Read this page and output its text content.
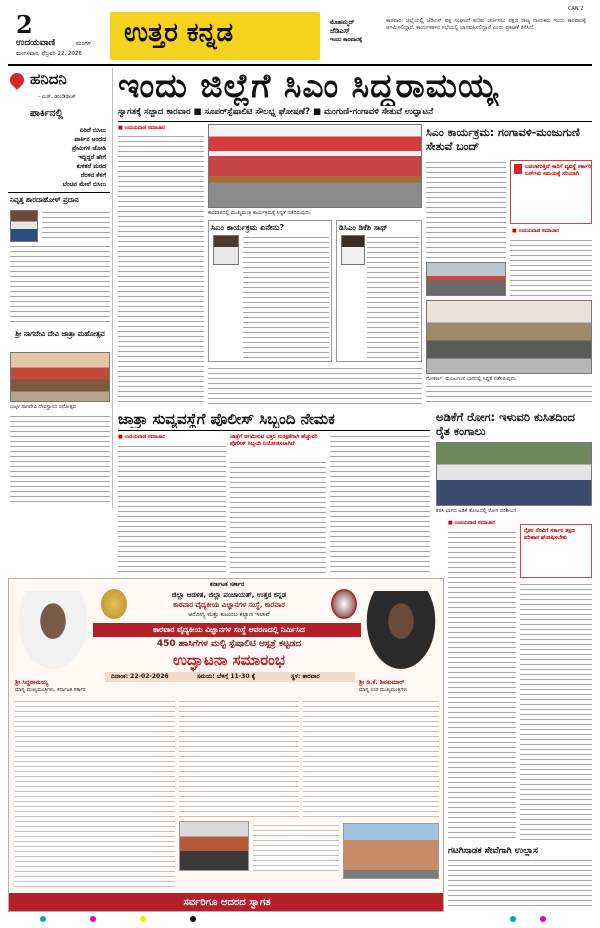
2
ಉದಯವಾಣಿ	ಮಂಗಳ
ಮಂಗಳವಾರ, ಫೆಬ್ರವರಿ 22, 2026
ಉತ್ತರ ಕನ್ನಡ	ಮೊಹಮ್ಮದ್
ಜೆಡಿಎಸ್
ಇಂದು ಕಾರವಾರಕ್ಕೆ
ಕಾರವಾರ: ಜಿಲ್ಲೆಯಲ್ಲಿ ಜೆಡಿಎಸ್ ಪಕ್ಷ ಸಂಘಟನೆ ಕುರಿತು ಚರ್ಚಿಸಲು ಪಕ್ಷದ ರಾಜ್ಯ ನಾಯಕರು ಇಂದು ಕಾರವಾರಕ್ಕೆ ಆಗಮಿಸಲಿದ್ದಾರೆ. ಕಾರ್ಯಕರ್ತರ ಸಭೆಯಲ್ಲಿ ಭಾಗವಹಿಸಲಿದ್ದಾರೆ ಎಂದು ಪ್ರಕಟಣೆ ತಿಳಿಸಿದೆ.
CAN 2
ಹನಿದನಿ
- ಎಚ್. ಡುಂಡಿರಾಜ್
ಪಾರ್ಕಿನಲ್ಲಿ
ಏರಿದೆ ಬಿಸಿಲು
ಪಾರ್ಕಿನ ಅಂದದ
ಪ್ರೇಮಿಗಳ ಜೋಡಿ
ಇದ್ದಿದ್ದರೆ ಹೇಗೆ
ಕುಳಿತರೆ ಮರದ
ನೆರಳಿನ ಕೆಳಗೆ
ಬೆಂಚಿನ ಮೇಲೆ ಬಿಸಿಲು
ನಿವೃತ್ತ ಶಾರದಾಹೋಳ್ ಪ್ರದಾನ
ಶ್ರೀ ನಾಗದೇವಿ ದೇವಿ ಜಾತ್ರಾ ಮಹೋತ್ಸವ
ಭಟ್ಕಳ ನಾಗದೇವಿ ದೇವಸ್ಥಾನದ ರಥೋತ್ಸವ
ಇಂದು ಜಿಲ್ಲೆಗೆ ಸಿಎಂ ಸಿದ್ದರಾಮಯ್ಯ
ಸ್ವಾಗತಕ್ಕೆ ಸಜ್ಜಾದ ಕಾರವಾರ ■ ಸೂಪರ್‌ಸ್ಪೆಷಾಲಿಟಿ ಸೌಲಭ್ಯ ಘೋಷಣೆ? ■ ಮಂಗುಣಿ-ಗಂಗಾವಳಿ ಸೇತುವೆ ಉದ್ಘಾಟನೆ
■ ಉದಯವಾಣಿ ಸಮಾಚಾರ
ಕಾರವಾರದಲ್ಲಿ ಮುಖ್ಯಮಂತ್ರಿ ಕಾರ್ಯಕ್ರಮಕ್ಕೆ ಸಿದ್ಧತೆ ನಡೆದಿರುವುದು.
ಸಿಎಂ ಕಾರ್ಯಕ್ರಮ ಏನೇನು?	ಡಿಸಿಎಂ ಡಿಕೆಶಿ ಸಾಥ್
ಸಿಎಂ ಕಾರ್ಯಕ್ರಮ: ಗಂಗಾವಳಿ-ಮಂಜುಗುಣಿ ಸೇತುವೆ ಬಂದ್
ಬದಲಾಗುತ್ತಿದೆ ಸಾರಿಗೆ ವ್ಯವಸ್ಥೆ ಸರ್ಕಾರಿ ಬಸ್‌ಗಳು ಸಮಯಕ್ಕೆ ಸರಿಯಾಗಿ
■ ಉದಯವಾಣಿ ಸಮಾಚಾರ
ಗೋಕರ್ಣ: ಮಂಜುಗುಣಿ ಭಾಗದಲ್ಲಿ ಸಿದ್ಧತೆ ನಡೆಸಿರುವುದು.
ಜಾತ್ರಾ ಸುವ್ಯವಸ್ಥೆಗೆ ಪೊಲೀಸ್ ಸಿಬ್ಬಂದಿ ನೇಮಕ
■ ಉದಯವಾಣಿ ಸಮಾಚಾರ	ಜಾತ್ರೆಗೆ ಆಗಮಿಸುವ ಭಕ್ತರ ಸುರಕ್ಷತೆಗಾಗಿ ಹೆಚ್ಚುವರಿ ಪೊಲೀಸ್ ಸಿಬ್ಬಂದಿ ನಿಯೋಜಿಸಲಾಗಿದೆ
ಅಡಿಕೆಗೆ ರೋಗ: ಇಳುವರಿ ಕುಸಿತದಿಂದ ರೈತ ಕಂಗಾಲು
ಶಿರಸಿ ಭಾಗದ ಅಡಿಕೆ ತೋಟದಲ್ಲಿ ರೋಗ ಪರಿಶೀಲನೆ.
■ ಉದಯವಾಣಿ ಸಮಾಚಾರ
ರೈತರ ನೆರವಿಗೆ ಸರ್ಕಾರ ತಕ್ಷಣ ಪರಿಹಾರ ಘೋಷಿಸಬೇಕು
ಗಟಗಿನಾಡಕ ಸೇವೆಗಾಗಿ ಉಲ್ಲಾಸ
ಕರ್ನಾಟಕ ಸರ್ಕಾರ
ಜಿಲ್ಲಾ ಆಡಳಿತ, ಜಿಲ್ಲಾ ಪಂಚಾಯತ್, ಉತ್ತರ ಕನ್ನಡ
ಕಾರವಾರ ವೈದ್ಯಕೀಯ ವಿಜ್ಞಾನಗಳ ಸಂಸ್ಥೆ, ಕಾರವಾರ
ಆರೋಗ್ಯ ಮತ್ತು ಕುಟುಂಬ ಕಲ್ಯಾಣ ಇಲಾಖೆ
ಕಾರವಾರ ವೈದ್ಯಕೀಯ ವಿಜ್ಞಾನಗಳ ಸಂಸ್ಥೆ ಆವರಣದಲ್ಲಿ ನಿರ್ಮಿಸಿದ
450 ಹಾಸಿಗೆಗಳ ಮಲ್ಟಿ ಸ್ಪೆಷಾಲಿಟಿ ಆಸ್ಪತ್ರೆ ಕಟ್ಟಡದ
ಉದ್ಘಾಟನಾ ಸಮಾರಂಭ
ದಿನಾಂಕ: 22-02-2026	ಸಮಯ: ಬೆಳಿಗ್ಗೆ 11-30 ಕ್ಕೆ	ಸ್ಥಳ: ಕಾರವಾರ
ಶ್ರೀ ಸಿದ್ದರಾಮಯ್ಯ
ಮಾನ್ಯ ಮುಖ್ಯಮಂತ್ರಿಗಳು, ಕರ್ನಾಟಕ ಸರ್ಕಾರ
ಶ್ರೀ ಡಿ.ಕೆ. ಶಿವಕುಮಾರ್
ಮಾನ್ಯ ಉಪ ಮುಖ್ಯಮಂತ್ರಿಗಳು
ಸರ್ವರಿಗೂ ಆದರದ ಸ್ವಾಗತ
